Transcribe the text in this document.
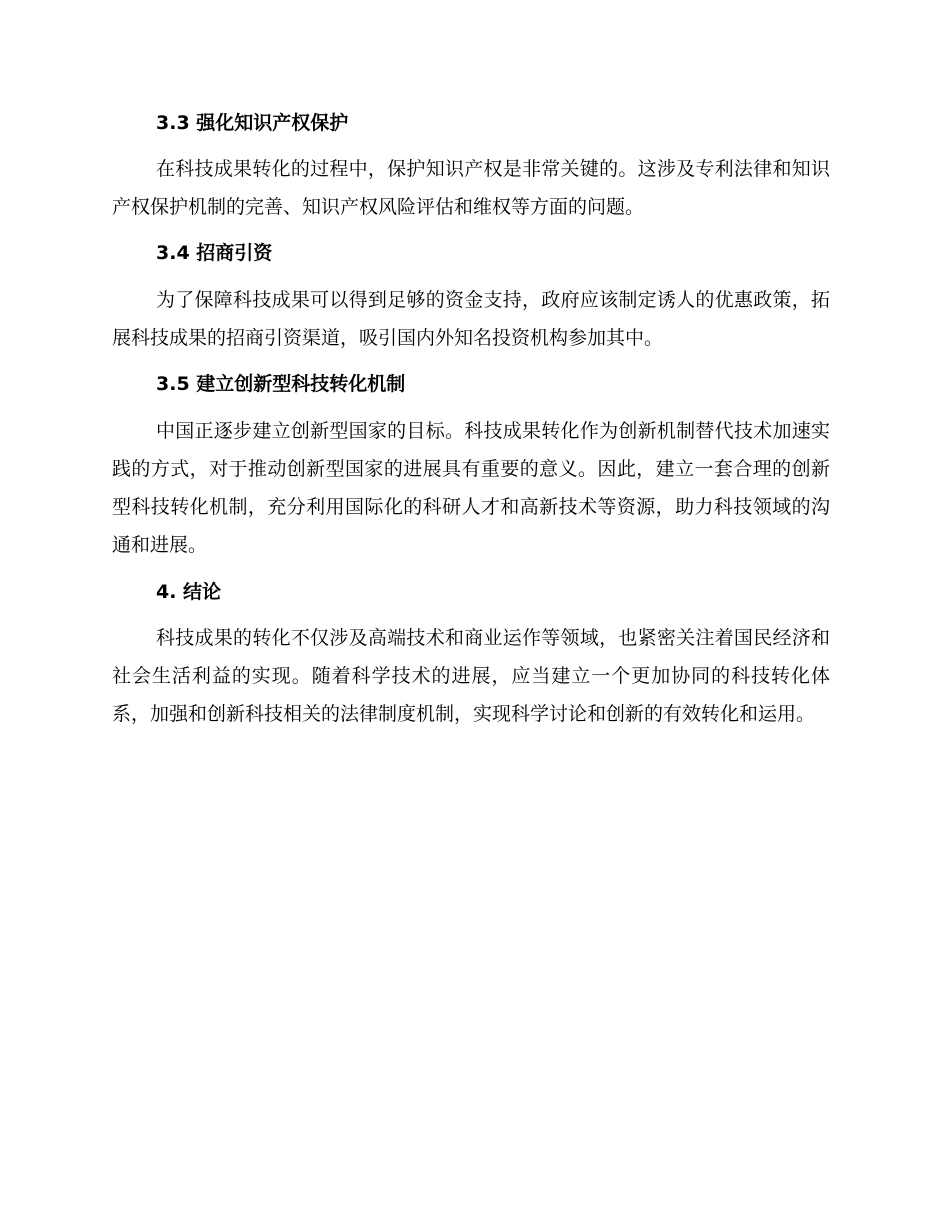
3.3 强化知识产权保护

在科技成果转化的过程中，保护知识产权是非常关键的。这涉及专利法律和知识产权保护机制的完善、知识产权风险评估和维权等方面的问题。

3.4 招商引资

为了保障科技成果可以得到足够的资金支持，政府应该制定诱人的优惠政策，拓展科技成果的招商引资渠道，吸引国内外知名投资机构参加其中。

3.5 建立创新型科技转化机制

中国正逐步建立创新型国家的目标。科技成果转化作为创新机制替代技术加速实践的方式，对于推动创新型国家的进展具有重要的意义。因此，建立一套合理的创新型科技转化机制，充分利用国际化的科研人才和高新技术等资源，助力科技领域的沟通和进展。

4. 结论

科技成果的转化不仅涉及高端技术和商业运作等领域，也紧密关注着国民经济和社会生活利益的实现。随着科学技术的进展，应当建立一个更加协同的科技转化体系，加强和创新科技相关的法律制度机制，实现科学讨论和创新的有效转化和运用。
